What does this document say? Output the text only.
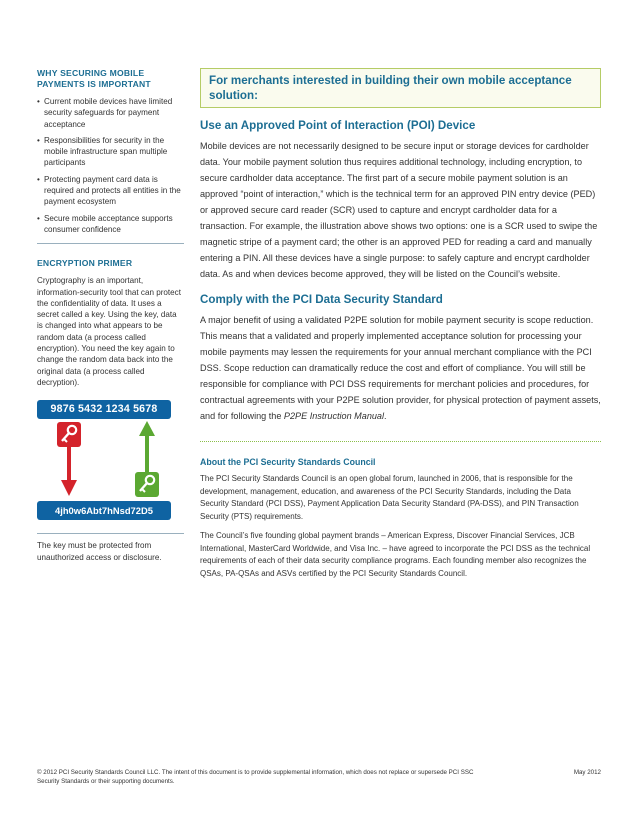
WHY SECURING MOBILE PAYMENTS IS IMPORTANT
• Current mobile devices have limited security safeguards for payment acceptance
• Responsibilities for security in the mobile infrastructure span multiple participants
• Protecting payment card data is required and protects all entities in the payment ecosystem
• Secure mobile acceptance supports consumer confidence
ENCRYPTION PRIMER
Cryptography is an important, information-security tool that can protect the confidentiality of data. It uses a secret called a key. Using the key, data is changed into what appears to be random data (a process called encryption). You need the key again to change the random data back into the original data (a process called decryption).
9876 5432 1234 5678
4jh0w6Abt7hNsd72D5
The key must be protected from unauthorized access or disclosure.
For merchants interested in building their own mobile acceptance solution:
Use an Approved Point of Interaction (POI) Device

Mobile devices are not necessarily designed to be secure input or storage devices for cardholder data. Your mobile payment solution thus requires additional technology, including encryption, to secure cardholder data acceptance. The first part of a secure mobile payment solution is an approved “point of interaction,” which is the technical term for an approved PIN entry device (PED) or approved secure card reader (SCR) used to capture and encrypt cardholder data for a transaction. For example, the illustration above shows two options: one is a SCR used to swipe the magnetic stripe of a payment card; the other is an approved PED for reading a card and manually entering a PIN. All these devices have a single purpose: to safely capture and encrypt cardholder data. As and when devices become approved, they will be listed on the Council’s website.

Comply with the PCI Data Security Standard

A major benefit of using a validated P2PE solution for mobile payment security is scope reduction. This means that a validated and properly implemented acceptance solution for processing your mobile payments may lessen the requirements for your annual merchant compliance with the PCI DSS. Scope reduction can dramatically reduce the cost and effort of compliance. You will still be responsible for compliance with PCI DSS requirements for merchant policies and procedures, for contractual agreements with your P2PE solution provider, for physical protection of payment assets, and for following the P2PE Instruction Manual.

About the PCI Security Standards Council

The PCI Security Standards Council is an open global forum, launched in 2006, that is responsible for the development, management, education, and awareness of the PCI Security Standards, including the Data Security Standard (PCI DSS), Payment Application Data Security Standard (PA-DSS), and PIN Transaction Security (PTS) requirements.

The Council’s five founding global payment brands – American Express, Discover Financial Services, JCB International, MasterCard Worldwide, and Visa Inc. – have agreed to incorporate the PCI DSS as the technical requirements of each of their data security compliance programs. Each founding member also recognizes the QSAs, PA-QSAs and ASVs certified by the PCI Security Standards Council.

© 2012 PCI Security Standards Council LLC. The intent of this document is to provide supplemental information, which does not replace or supersede PCI SSC Security Standards or their supporting documents.
May 2012
